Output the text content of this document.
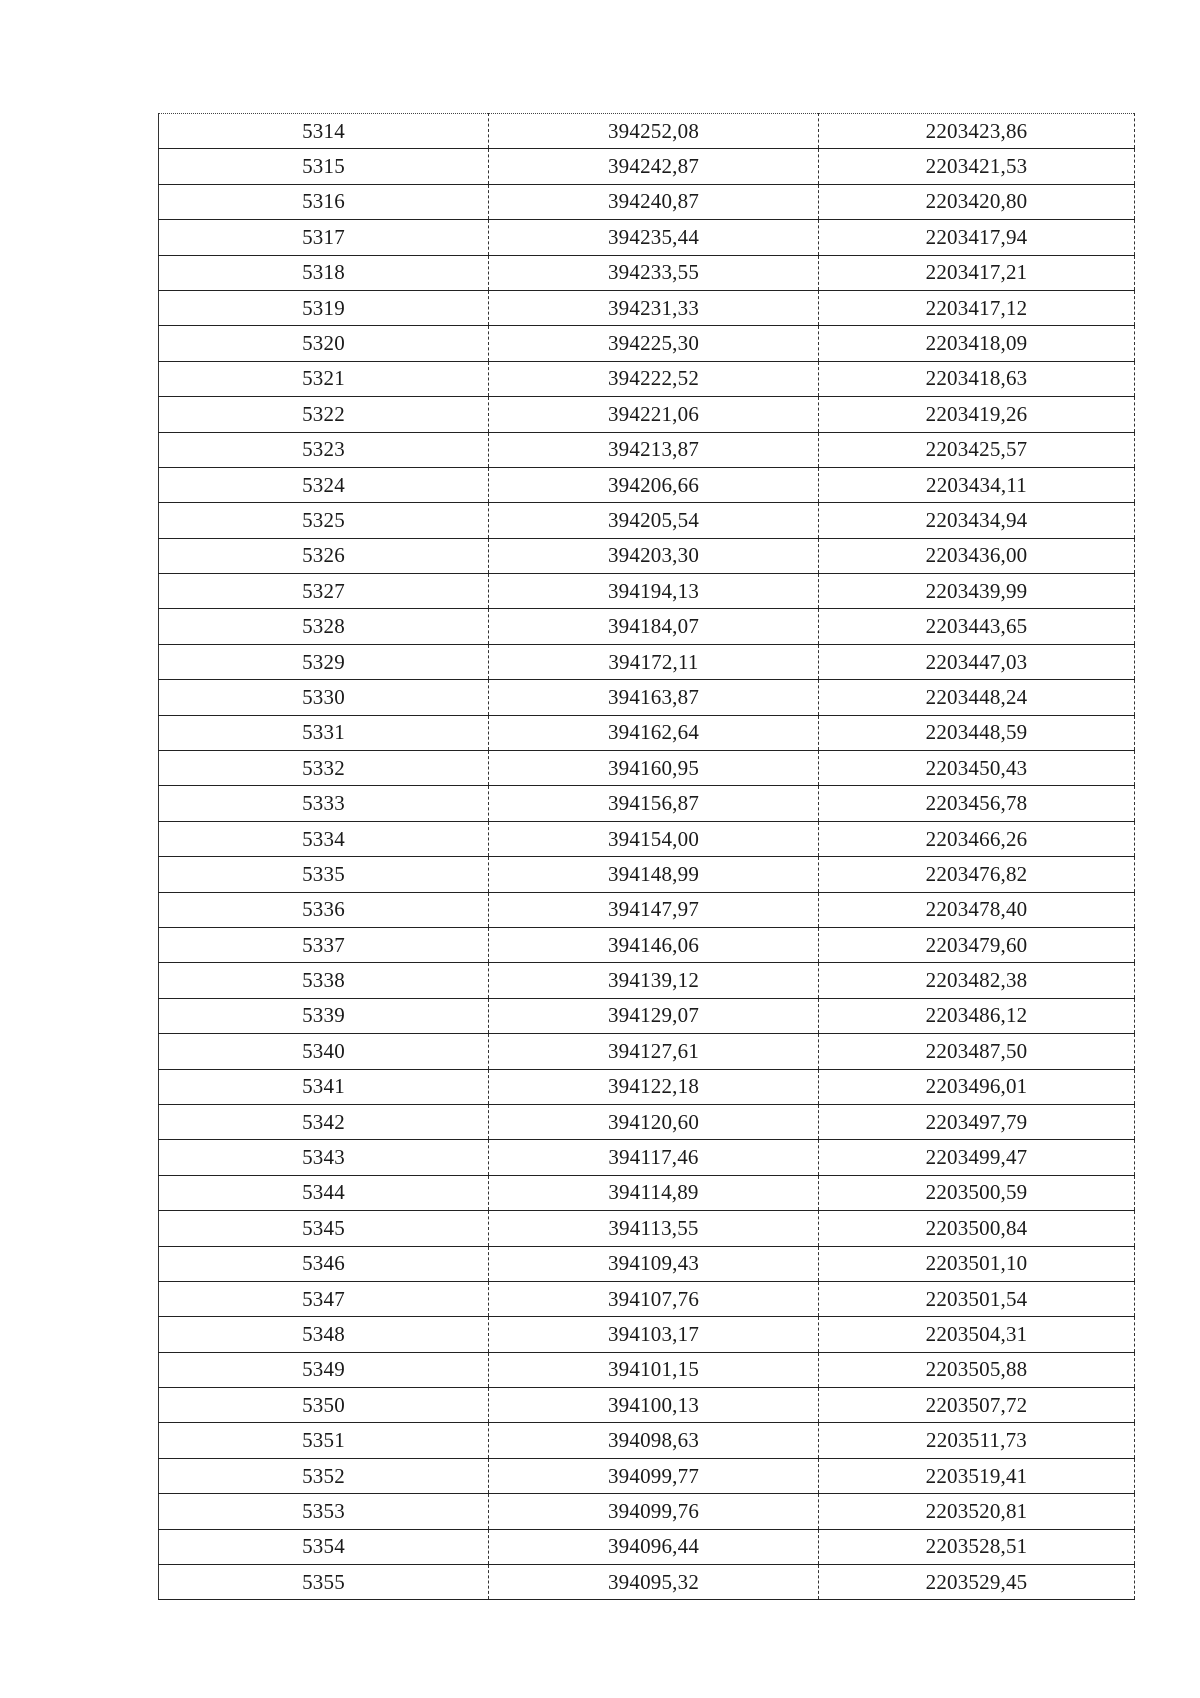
5314	394252,08	2203423,86
5315	394242,87	2203421,53
5316	394240,87	2203420,80
5317	394235,44	2203417,94
5318	394233,55	2203417,21
5319	394231,33	2203417,12
5320	394225,30	2203418,09
5321	394222,52	2203418,63
5322	394221,06	2203419,26
5323	394213,87	2203425,57
5324	394206,66	2203434,11
5325	394205,54	2203434,94
5326	394203,30	2203436,00
5327	394194,13	2203439,99
5328	394184,07	2203443,65
5329	394172,11	2203447,03
5330	394163,87	2203448,24
5331	394162,64	2203448,59
5332	394160,95	2203450,43
5333	394156,87	2203456,78
5334	394154,00	2203466,26
5335	394148,99	2203476,82
5336	394147,97	2203478,40
5337	394146,06	2203479,60
5338	394139,12	2203482,38
5339	394129,07	2203486,12
5340	394127,61	2203487,50
5341	394122,18	2203496,01
5342	394120,60	2203497,79
5343	394117,46	2203499,47
5344	394114,89	2203500,59
5345	394113,55	2203500,84
5346	394109,43	2203501,10
5347	394107,76	2203501,54
5348	394103,17	2203504,31
5349	394101,15	2203505,88
5350	394100,13	2203507,72
5351	394098,63	2203511,73
5352	394099,77	2203519,41
5353	394099,76	2203520,81
5354	394096,44	2203528,51
5355	394095,32	2203529,45
